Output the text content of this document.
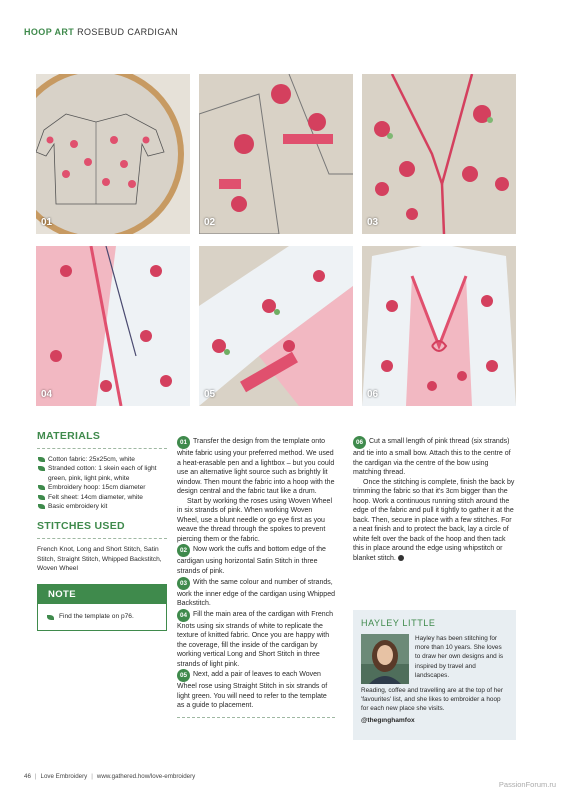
HOOP ART ROSEBUD CARDIGAN
01	02	03
04	05	06
MATERIALS
Cotton fabric: 25x25cm, white
Stranded cotton: 1 skein each of light green, pink, light pink, white
Embroidery hoop: 15cm diameter
Felt sheet: 14cm diameter, white
Basic embroidery kit
STITCHES USED
French Knot, Long and Short Stitch, Satin Stitch, Straight Stitch, Whipped Backstitch, Woven Wheel
NOTE
Find the template on p76.

01 Transfer the design from the template onto white fabric using your preferred method. We used a heat-erasable pen and a lightbox – but you could use an alternative light source such as brightly lit window. Then mount the fabric into a hoop with the design central and the fabric taut like a drum.

Start by working the roses using Woven Wheel in six strands of pink. When working Woven Wheel, use a blunt needle or go eye first as you weave the thread through the spokes to prevent piercing them or the fabric.

02 Now work the cuffs and bottom edge of the cardigan using horizontal Satin Stitch in three strands of pink.

03 With the same colour and number of strands, work the inner edge of the cardigan using Whipped Backstitch.

04 Fill the main area of the cardigan with French Knots using six strands of white to replicate the texture of knitted fabric. Once you are happy with the coverage, fill the inside of the cardigan by working vertical Long and Short Stitch in three strands of light pink.

05 Next, add a pair of leaves to each Woven Wheel rose using Straight Stitch in six strands of light green. You will need to refer to the template as a guide to placement.

06 Cut a small length of pink thread (six strands) and tie into a small bow. Attach this to the centre of the cardigan via the centre of the bow using matching thread.

Once the stitching is complete, finish the back by trimming the fabric so that it's 3cm bigger than the hoop. Work a continuous running stitch around the edge of the fabric and pull it tightly to gather it at the back. Then, secure in place with a few stitches. For a neat finish and to protect the back, lay a circle of white felt over the back of the hoop and then tack this in place around the edge using whipstitch or blanket stitch.

HAYLEY LITTLE
Hayley has been stitching for more than 10 years. She loves to draw her own designs and is inspired by travel and landscapes.
Reading, coffee and travelling are at the top of her 'favourites' list, and she likes to embroider a hoop for each new place she visits.
@thegınghamfox
46 | Love Embroidery | www.gathered.how/love-embroidery
PassionForum.ru
